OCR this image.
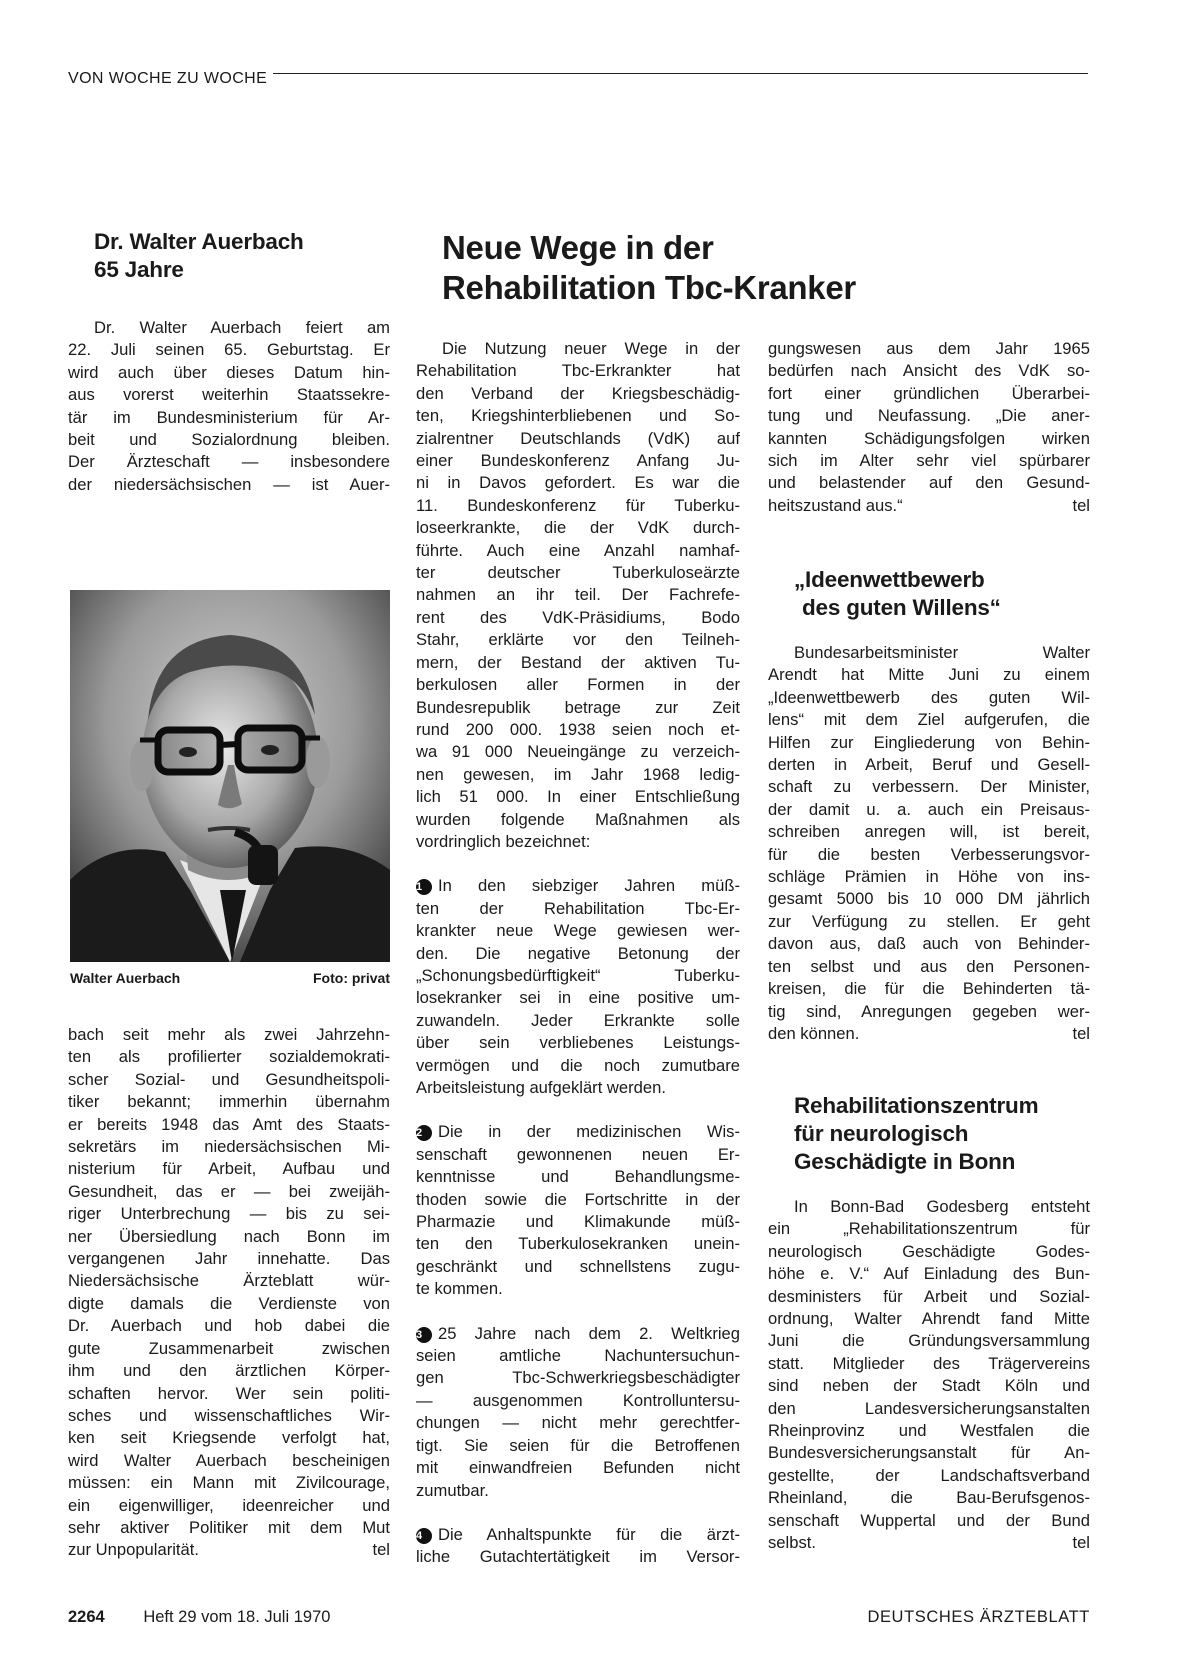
VON WOCHE ZU WOCHE
Dr. Walter Auerbach
65 Jahre
Dr. Walter Auerbach feiert am
22. Juli seinen 65. Geburtstag. Er
wird auch über dieses Datum hin-
aus vorerst weiterhin Staatssekre-
tär im Bundesministerium für Ar-
beit und Sozialordnung bleiben.
Der Ärzteschaft — insbesondere
der niedersächsischen — ist Auer-
Walter Auerbach	Foto: privat
bach seit mehr als zwei Jahrzehn-
ten als profilierter sozialdemokrati-
scher Sozial- und Gesundheitspoli-
tiker bekannt; immerhin übernahm
er bereits 1948 das Amt des Staats-
sekretärs im niedersächsischen Mi-
nisterium für Arbeit, Aufbau und
Gesundheit, das er — bei zweijäh-
riger Unterbrechung — bis zu sei-
ner Übersiedlung nach Bonn im
vergangenen Jahr innehatte. Das
Niedersächsische Ärzteblatt wür-
digte damals die Verdienste von
Dr. Auerbach und hob dabei die
gute Zusammenarbeit zwischen
ihm und den ärztlichen Körper-
schaften hervor. Wer sein politi-
sches und wissenschaftliches Wir-
ken seit Kriegsende verfolgt hat,
wird Walter Auerbach bescheinigen
müssen: ein Mann mit Zivilcourage,
ein eigenwilliger, ideenreicher und
sehr aktiver Politiker mit dem Mut
zur Unpopularität.	tel
Neue Wege in der
Rehabilitation Tbc-Kranker
Die Nutzung neuer Wege in der
Rehabilitation Tbc-Erkrankter hat
den Verband der Kriegsbeschädig-
ten, Kriegshinterbliebenen und So-
zialrentner Deutschlands (VdK) auf
einer Bundeskonferenz Anfang Ju-
ni in Davos gefordert. Es war die
11. Bundeskonferenz für Tuberku-
loseerkrankte, die der VdK durch-
führte. Auch eine Anzahl namhaf-
ter deutscher Tuberkuloseärzte
nahmen an ihr teil. Der Fachrefe-
rent des VdK-Präsidiums, Bodo
Stahr, erklärte vor den Teilneh-
mern, der Bestand der aktiven Tu-
berkulosen aller Formen in der
Bundesrepublik betrage zur Zeit
rund 200 000. 1938 seien noch et-
wa 91 000 Neueingänge zu verzeich-
nen gewesen, im Jahr 1968 ledig-
lich 51 000. In einer Entschließung
wurden folgende Maßnahmen als
vordringlich bezeichnet:
1 In den siebziger Jahren müß-
ten der Rehabilitation Tbc-Er-
krankter neue Wege gewiesen wer-
den. Die negative Betonung der
„Schonungsbedürftigkeit“ Tuberku-
losekranker sei in eine positive um-
zuwandeln. Jeder Erkrankte solle
über sein verbliebenes Leistungs-
vermögen und die noch zumutbare
Arbeitsleistung aufgeklärt werden.
2 Die in der medizinischen Wis-
senschaft gewonnenen neuen Er-
kenntnisse und Behandlungsme-
thoden sowie die Fortschritte in der
Pharmazie und Klimakunde müß-
ten den Tuberkulosekranken unein-
geschränkt und schnellstens zugu-
te kommen.
3 25 Jahre nach dem 2. Weltkrieg
seien amtliche Nachuntersuchun-
gen Tbc-Schwerkriegsbeschädigter
— ausgenommen Kontrolluntersu-
chungen — nicht mehr gerechtfer-
tigt. Sie seien für die Betroffenen
mit einwandfreien Befunden nicht
zumutbar.
4 Die Anhaltspunkte für die ärzt-
liche Gutachtertätigkeit im Versor-
gungswesen aus dem Jahr 1965
bedürfen nach Ansicht des VdK so-
fort einer gründlichen Überarbei-
tung und Neufassung. „Die aner-
kannten Schädigungsfolgen wirken
sich im Alter sehr viel spürbarer
und belastender auf den Gesund-
heitszustand aus.“	tel
„Ideenwettbewerb
des guten Willens“
Bundesarbeitsminister Walter
Arendt hat Mitte Juni zu einem
„Ideenwettbewerb des guten Wil-
lens“ mit dem Ziel aufgerufen, die
Hilfen zur Eingliederung von Behin-
derten in Arbeit, Beruf und Gesell-
schaft zu verbessern. Der Minister,
der damit u. a. auch ein Preisaus-
schreiben anregen will, ist bereit,
für die besten Verbesserungsvor-
schläge Prämien in Höhe von ins-
gesamt 5000 bis 10 000 DM jährlich
zur Verfügung zu stellen. Er geht
davon aus, daß auch von Behinder-
ten selbst und aus den Personen-
kreisen, die für die Behinderten tä-
tig sind, Anregungen gegeben wer-
den können.	tel
Rehabilitationszentrum
für neurologisch
Geschädigte in Bonn
In Bonn-Bad Godesberg entsteht
ein „Rehabilitationszentrum für
neurologisch Geschädigte Godes-
höhe e. V.“ Auf Einladung des Bun-
desministers für Arbeit und Sozial-
ordnung, Walter Ahrendt fand Mitte
Juni die Gründungsversammlung
statt. Mitglieder des Trägervereins
sind neben der Stadt Köln und
den Landesversicherungsanstalten
Rheinprovinz und Westfalen die
Bundesversicherungsanstalt für An-
gestellte, der Landschaftsverband
Rheinland, die Bau-Berufsgenos-
senschaft Wuppertal und der Bund
selbst.	tel
2264 Heft 29 vom 18. Juli 1970	DEUTSCHES ÄRZTEBLATT
